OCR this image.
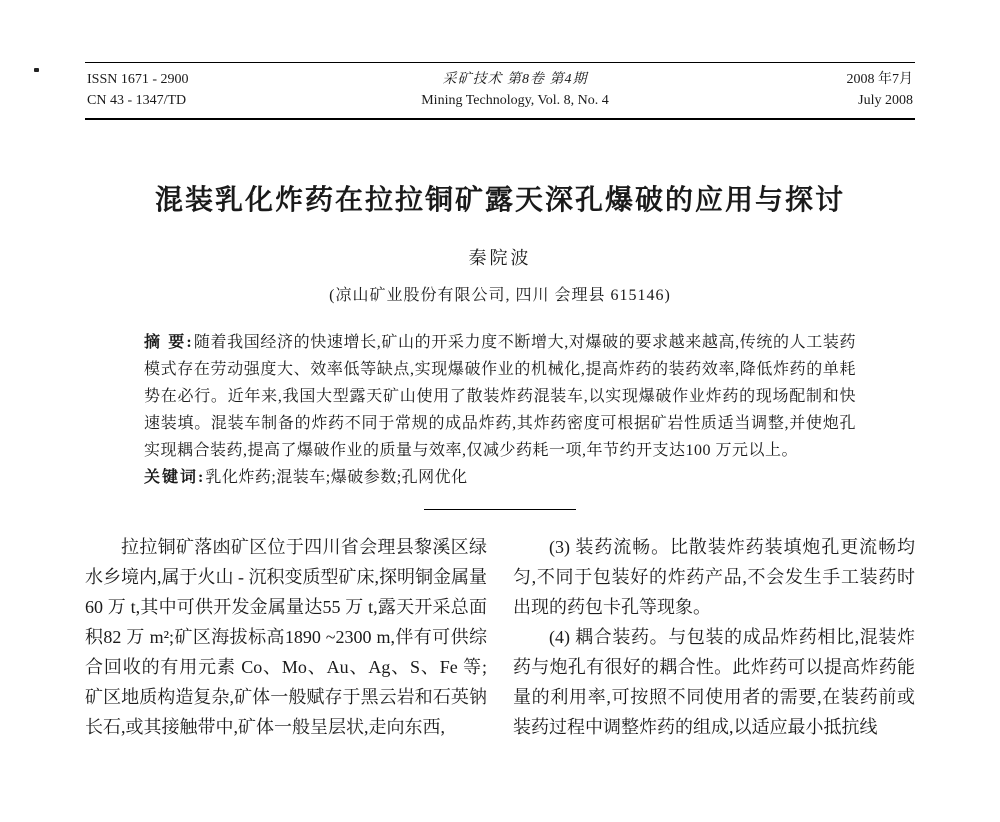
ISSN 1671 - 2900
CN 43 - 1347/TD
采矿技术 第8卷 第4期
Mining Technology, Vol. 8, No. 4
2008 年7月
July 2008
混装乳化炸药在拉拉铜矿露天深孔爆破的应用与探讨
秦院波
(凉山矿业股份有限公司, 四川 会理县 615146)
摘 要:随着我国经济的快速增长,矿山的开采力度不断增大,对爆破的要求越来越高,传统的人工装药模式存在劳动强度大、效率低等缺点,实现爆破作业的机械化,提高炸药的装药效率,降低炸药的单耗势在必行。近年来,我国大型露天矿山使用了散装炸药混装车,以实现爆破作业炸药的现场配制和快速装填。混装车制备的炸药不同于常规的成品炸药,其炸药密度可根据矿岩性质适当调整,并使炮孔实现耦合装药,提高了爆破作业的质量与效率,仅减少药耗一项,年节约开支达100 万元以上。
关键词:乳化炸药;混装车;爆破参数;孔网优化

拉拉铜矿落凼矿区位于四川省会理县黎溪区绿水乡境内,属于火山 - 沉积变质型矿床,探明铜金属量60 万 t,其中可供开发金属量达55 万 t,露天开采总面积82 万 m²;矿区海拔标高1890 ~2300 m,伴有可供综合回收的有用元素 Co、Mo、Au、Ag、S、Fe 等;矿区地质构造复杂,矿体一般赋存于黑云岩和石英钠长石,或其接触带中,矿体一般呈层状,走向东西,

(3) 装药流畅。比散装炸药装填炮孔更流畅均匀,不同于包装好的炸药产品,不会发生手工装药时出现的药包卡孔等现象。

(4) 耦合装药。与包装的成品炸药相比,混装炸药与炮孔有很好的耦合性。此炸药可以提高炸药能量的利用率,可按照不同使用者的需要,在装药前或装药过程中调整炸药的组成,以适应最小抵抗线
